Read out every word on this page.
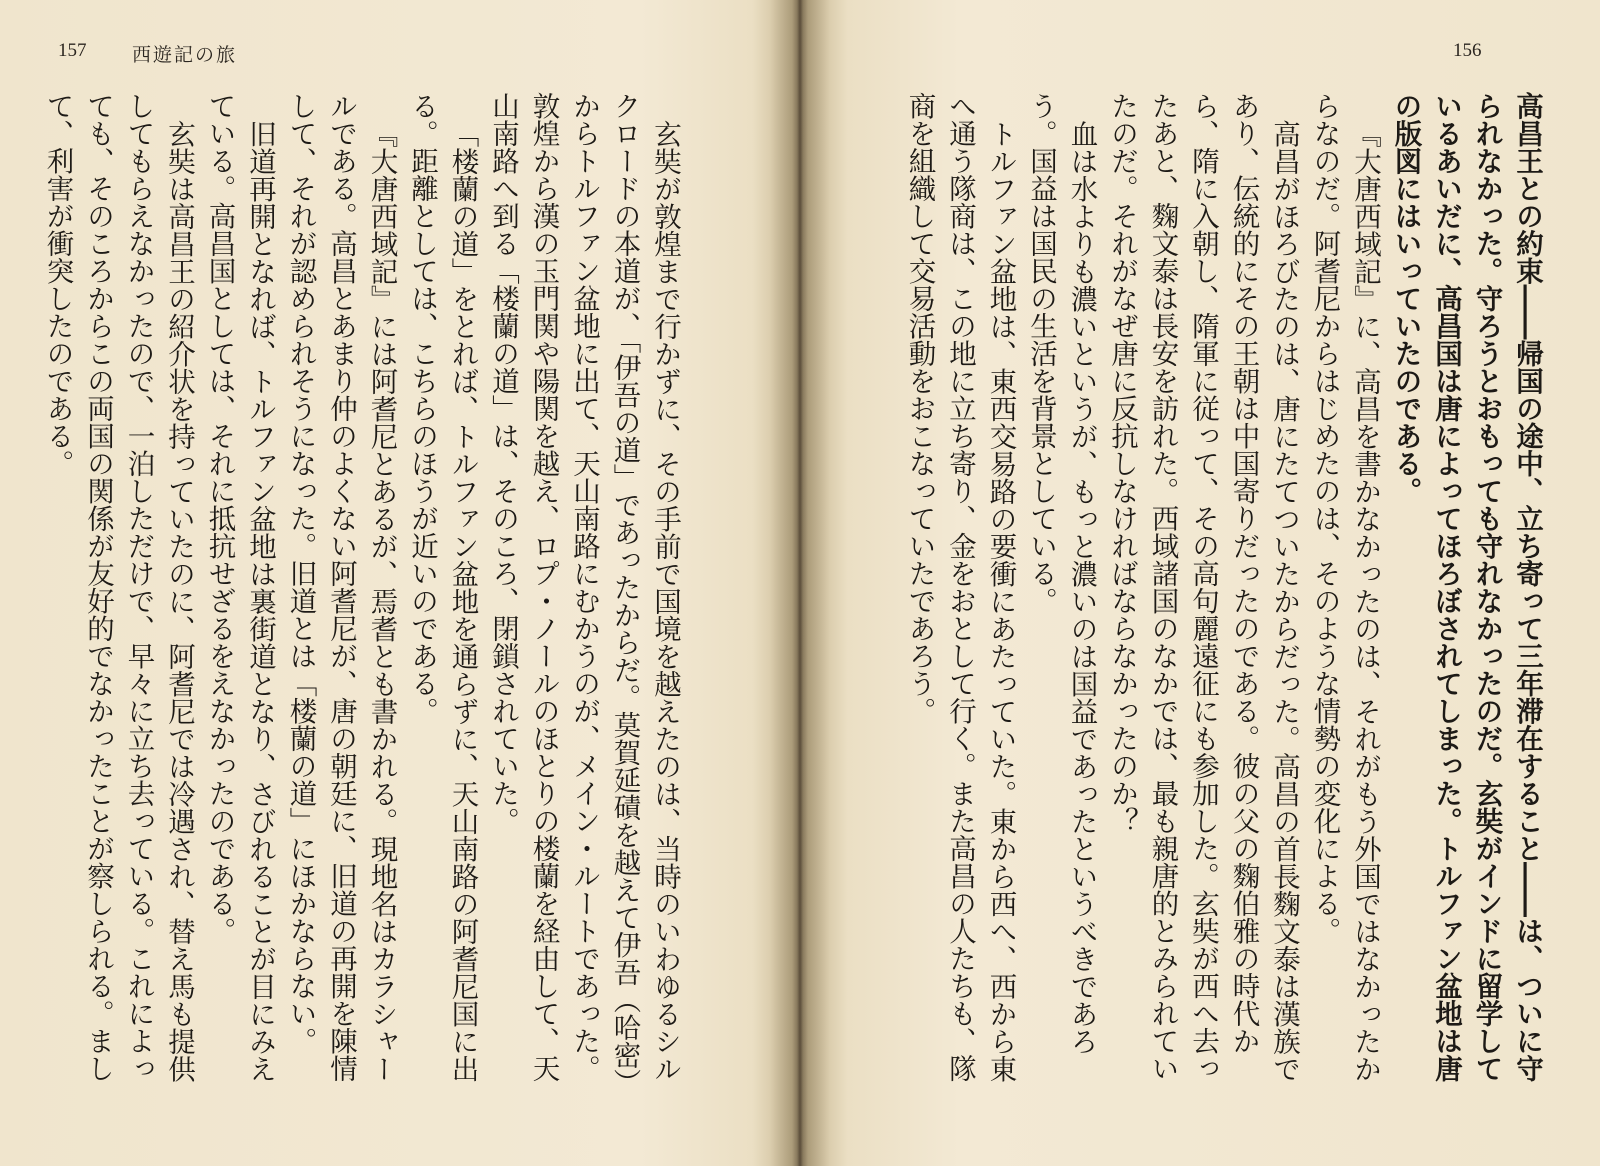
156

高昌王との約束――帰国の途中、立ち寄って三年滞在すること――は、ついに守られなかった。守ろうとおもっても守れなかったのだ。玄奘がインドに留学しているあいだに、高昌国は唐によってほろぼされてしまった。トルファン盆地は唐の版図にはいっていたのである。

『大唐西域記』に、高昌を書かなかったのは、それがもう外国ではなかったからなのだ。阿耆尼からはじめたのは、そのような情勢の変化による。

高昌がほろびたのは、唐にたてついたからだった。高昌の首長麴文泰は漢族であり、伝統的にその王朝は中国寄りだったのである。彼の父の麴伯雅の時代から、隋に入朝し、隋軍に従って、その高句麗遠征にも参加した。玄奘が西へ去ったあと、麴文泰は長安を訪れた。西域諸国のなかでは、最も親唐的とみられていたのだ。それがなぜ唐に反抗しなければならなかったのか？

血は水よりも濃いというが、もっと濃いのは国益であったというべきであろう。国益は国民の生活を背景としている。

トルファン盆地は、東西交易路の要衝にあたっていた。東から西へ、西から東へ通う隊商は、この地に立ち寄り、金をおとして行く。また高昌の人たちも、隊商を組織して交易活動をおこなっていたであろう。

157 西遊記の旅

玄奘が敦煌まで行かずに、その手前で国境を越えたのは、当時のいわゆるシルクロードの本道が、「伊吾の道」であったからだ。莫賀延磧を越えて伊吾（哈密）からトルファン盆地に出て、天山南路にむかうのが、メイン・ルートであった。敦煌から漢の玉門関や陽関を越え、ロプ・ノールのほとりの楼蘭を経由して、天山南路へ到る「楼蘭の道」は、そのころ、閉鎖されていた。

「楼蘭の道」をとれば、トルファン盆地を通らずに、天山南路の阿耆尼国に出る。距離としては、こちらのほうが近いのである。

『大唐西域記』には阿耆尼とあるが、焉耆とも書かれる。現地名はカラシャールである。高昌とあまり仲のよくない阿耆尼が、唐の朝廷に、旧道の再開を陳情して、それが認められそうになった。旧道とは「楼蘭の道」にほかならない。

旧道再開となれば、トルファン盆地は裏街道となり、さびれることが目にみえている。高昌国としては、それに抵抗せざるをえなかったのである。

玄奘は高昌王の紹介状を持っていたのに、阿耆尼では冷遇され、替え馬も提供してもらえなかったので、一泊しただけで、早々に立ち去っている。これによっても、そのころからこの両国の関係が友好的でなかったことが察しられる。まして、利害が衝突したのである。
